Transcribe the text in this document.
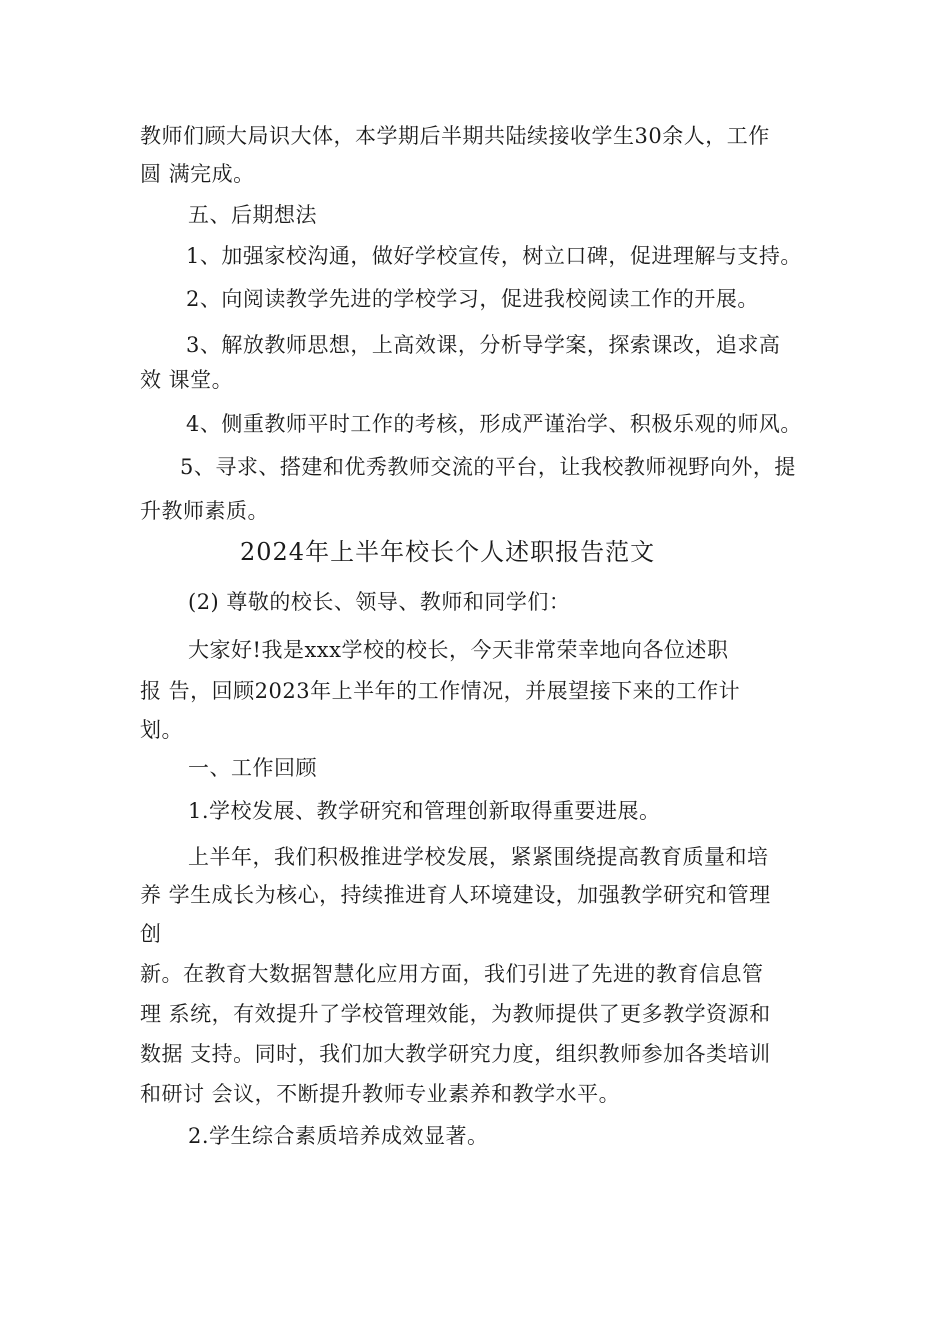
教师们顾大局识大体，本学期后半期共陆续接收学生30余人，工作
圆 满完成。
五、后期想法
1、加强家校沟通，做好学校宣传，树立口碑，促进理解与支持。
2、向阅读教学先进的学校学习，促进我校阅读工作的开展。
3、解放教师思想，上高效课，分析导学案，探索课改，追求高
效 课堂。
4、侧重教师平时工作的考核，形成严谨治学、积极乐观的师风。
5、寻求、搭建和优秀教师交流的平台，让我校教师视野向外，提
升教师素质。
2024年上半年校长个人述职报告范文
(2) 尊敬的校长、领导、教师和同学们：
大家好!我是xxx学校的校长，今天非常荣幸地向各位述职
报 告，回顾2023年上半年的工作情况，并展望接下来的工作计
划。
一、工作回顾
1.学校发展、教学研究和管理创新取得重要进展。
上半年，我们积极推进学校发展，紧紧围绕提高教育质量和培
养 学生成长为核心，持续推进育人环境建设，加强教学研究和管理
创
新。在教育大数据智慧化应用方面，我们引进了先进的教育信息管
理 系统，有效提升了学校管理效能，为教师提供了更多教学资源和
数据 支持。同时，我们加大教学研究力度，组织教师参加各类培训
和研讨 会议，不断提升教师专业素养和教学水平。
2.学生综合素质培养成效显著。
